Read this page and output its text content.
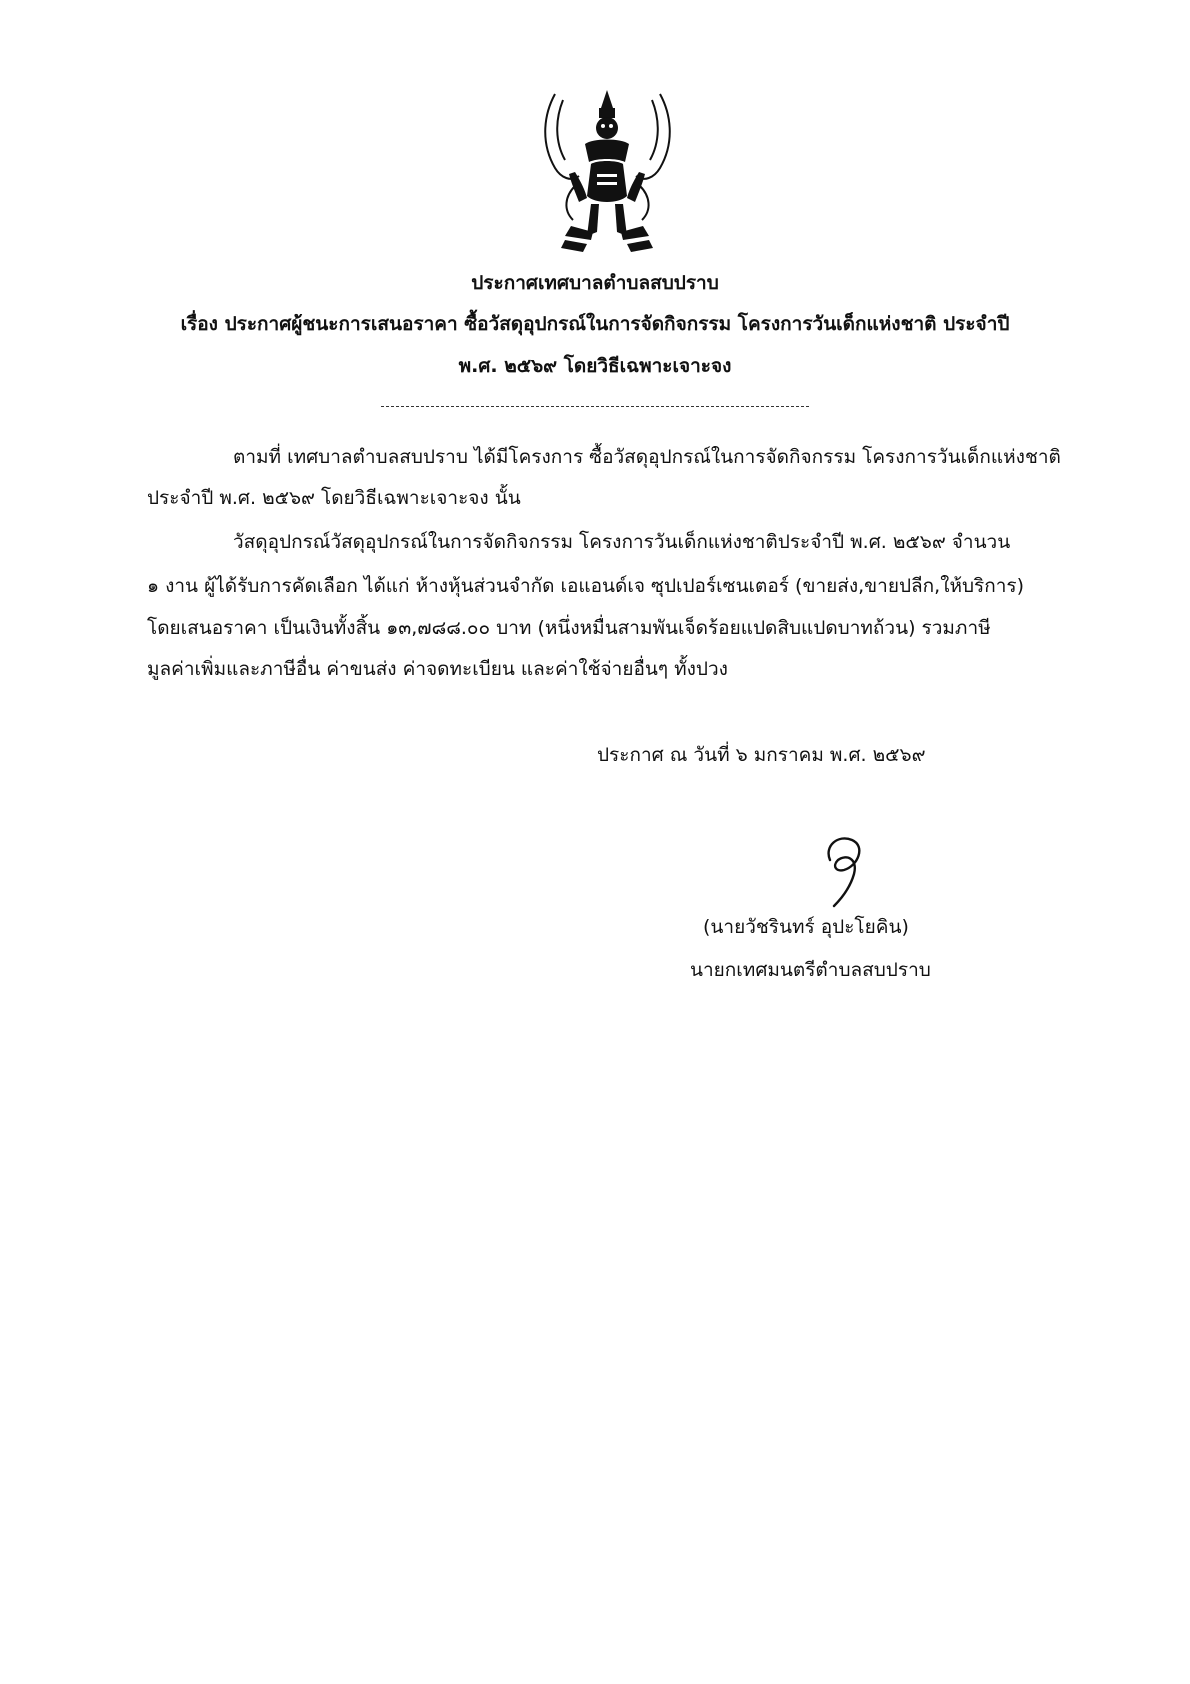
ประกาศเทศบาลตำบลสบปราบ
เรื่อง ประกาศผู้ชนะการเสนอราคา ซื้อวัสดุอุปกรณ์ในการจัดกิจกรรม โครงการวันเด็กแห่งชาติ ประจำปี
พ.ศ. ๒๕๖๙ โดยวิธีเฉพาะเจาะจง
ตามที่ เทศบาลตำบลสบปราบ ได้มีโครงการ ซื้อวัสดุอุปกรณ์ในการจัดกิจกรรม โครงการวันเด็กแห่งชาติ
ประจำปี พ.ศ. ๒๕๖๙ โดยวิธีเฉพาะเจาะจง นั้น
วัสดุอุปกรณ์วัสดุอุปกรณ์ในการจัดกิจกรรม โครงการวันเด็กแห่งชาติประจำปี พ.ศ. ๒๕๖๙ จำนวน
๑ งาน ผู้ได้รับการคัดเลือก ได้แก่ ห้างหุ้นส่วนจำกัด เอแอนด์เจ ซุปเปอร์เซนเตอร์ (ขายส่ง,ขายปลีก,ให้บริการ)
โดยเสนอราคา เป็นเงินทั้งสิ้น ๑๓,๗๘๘.๐๐ บาท (หนึ่งหมื่นสามพันเจ็ดร้อยแปดสิบแปดบาทถ้วน) รวมภาษี
มูลค่าเพิ่มและภาษีอื่น ค่าขนส่ง ค่าจดทะเบียน และค่าใช้จ่ายอื่นๆ ทั้งปวง
ประกาศ ณ วันที่ ๖ มกราคม พ.ศ. ๒๕๖๙
(นายวัชรินทร์ อุปะโยคิน)
นายกเทศมนตรีตำบลสบปราบ
